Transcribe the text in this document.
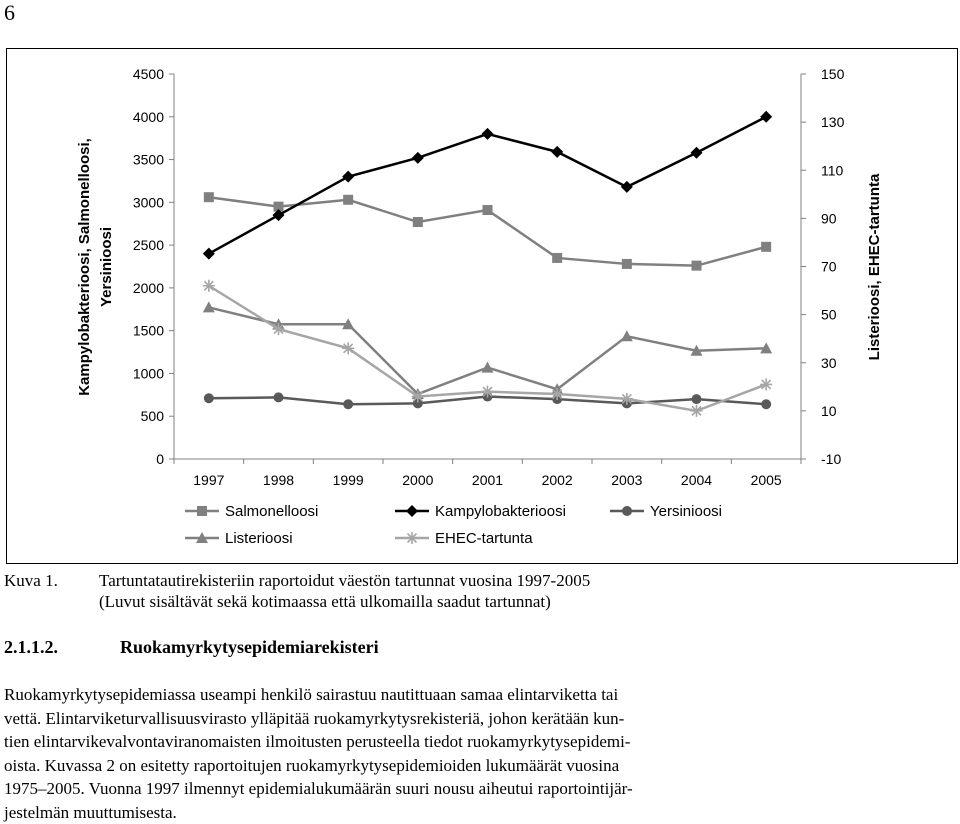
6
0
500
1000
1500
2000
2500
3000
3500
4000
4500
-10
10
30
50
70
90
110
130
150
1997	1998	1999	2000	2001	2002	2003	2004	2005
Kampylobakterioosi, Salmonelloosi, Yersinioosi	Listerioosi, EHEC-tartunta
Salmonelloosi	Kampylobakterioosi	Yersinioosi
Listerioosi	EHEC-tartunta
Kuva 1. Tartuntatautirekisteriin raportoidut väestön tartunnat vuosina 1997-2005
(Luvut sisältävät sekä kotimaassa että ulkomailla saadut tartunnat)
2.1.1.2.	Ruokamyrkytysepidemiarekisteri
Ruokamyrkytysepidemiassa useampi henkilö sairastuu nautittuaan samaa elintarviketta tai
vettä. Elintarviketurvallisuusvirasto ylläpitää ruokamyrkytysrekisteriä, johon kerätään kun-
tien elintarvikevalvontaviranomaisten ilmoitusten perusteella tiedot ruokamyrkytysepidemi-
oista. Kuvassa 2 on esitetty raportoitujen ruokamyrkytysepidemioiden lukumäärät vuosina
1975–2005. Vuonna 1997 ilmennyt epidemialukumäärän suuri nousu aiheutui raportointijär-
jestelmän muuttumisesta.
